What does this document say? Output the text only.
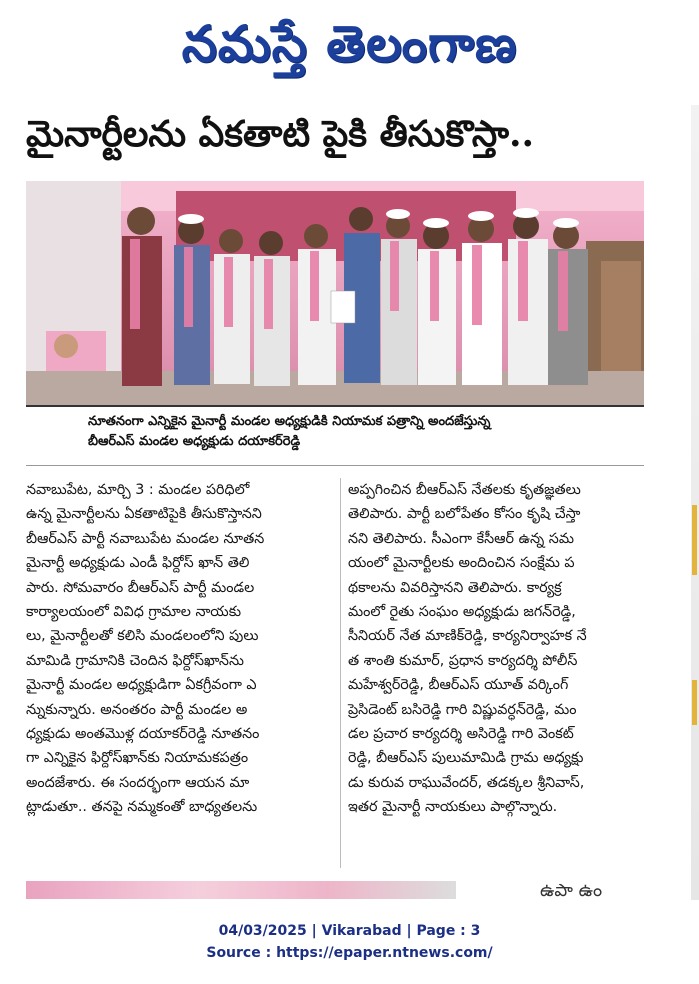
నమస్తే తెలంగాణ
మైనార్టీలను ఏకతాటి పైకి తీసుకొస్తా..
నూతనంగా ఎన్నికైన మైనార్టీ మండల అధ్యక్షుడికి నియామక పత్రాన్ని అందజేస్తున్న
బీఆర్ఎస్ మండల అధ్యక్షుడు దయాకర్‌రెడ్డి
నవాబుపేట, మార్చి 3 : మండల పరిధిలో
ఉన్న మైనార్టీలను ఏకతాటిపైకి తీసుకొస్తానని
బీఆర్ఎస్ పార్టీ నవాబుపేట మండల నూతన
మైనార్టీ అధ్యక్షుడు ఎండీ ఫిర్దోస్ ఖాన్ తెలి
పారు. సోమవారం బీఆర్ఎస్ పార్టీ మండల
కార్యాలయంలో వివిధ గ్రామాల నాయకు
లు, మైనార్టీలతో కలిసి మండలంలోని పులు
మామిడి గ్రామానికి చెందిన ఫిర్దోస్‌ఖాన్‌ను
మైనార్టీ మండల అధ్యక్షుడిగా ఏకగ్రీవంగా ఎ
న్నుకున్నారు. అనంతరం పార్టీ మండల అ
ధ్యక్షుడు అంతమొళ్ల దయాకర్‌రెడ్డి నూతనం
గా ఎన్నికైన ఫిర్దోస్‌ఖాన్‌కు నియామకపత్రం
అందజేశారు. ఈ సందర్భంగా ఆయన మా
ట్లాడుతూ.. తనపై నమ్మకంతో బాధ్యతలను
అప్పగించిన బీఆర్ఎస్ నేతలకు కృతజ్ఞతలు
తెలిపారు. పార్టీ బలోపేతం కోసం కృషి చేస్తా
నని తెలిపారు. సీఎంగా కేసీఆర్ ఉన్న సమ
యంలో మైనార్టీలకు అందించిన సంక్షేమ ప
థకాలను వివరిస్తానని తెలిపారు. కార్యక్ర
మంలో రైతు సంఘం అధ్యక్షుడు జగన్‌రెడ్డి,
సీనియర్ నేత మాణిక్‌రెడ్డి, కార్యనిర్వాహక నే
త శాంతి కుమార్, ప్రధాన కార్యదర్శి పోలీస్
మహేశ్వర్‌రెడ్డి, బీఆర్ఎస్ యూత్ వర్కింగ్
ప్రెసిడెంట్ బసిరెడ్డి గారి విష్ణువర్ధన్‌రెడ్డి, మం
డల ప్రచార కార్యదర్శి అసిరెడ్డి గారి వెంకట్
రెడ్డి, బీఆర్ఎస్ పులుమామిడి గ్రామ అధ్యక్షు
డు కురువ రాఘువేందర్, తడక్కల శ్రీనివాస్,
ఇతర మైనార్టీ నాయకులు పాల్గొన్నారు.
ఉపా ఉం
04/03/2025 | Vikarabad | Page : 3
Source : https://epaper.ntnews.com/
